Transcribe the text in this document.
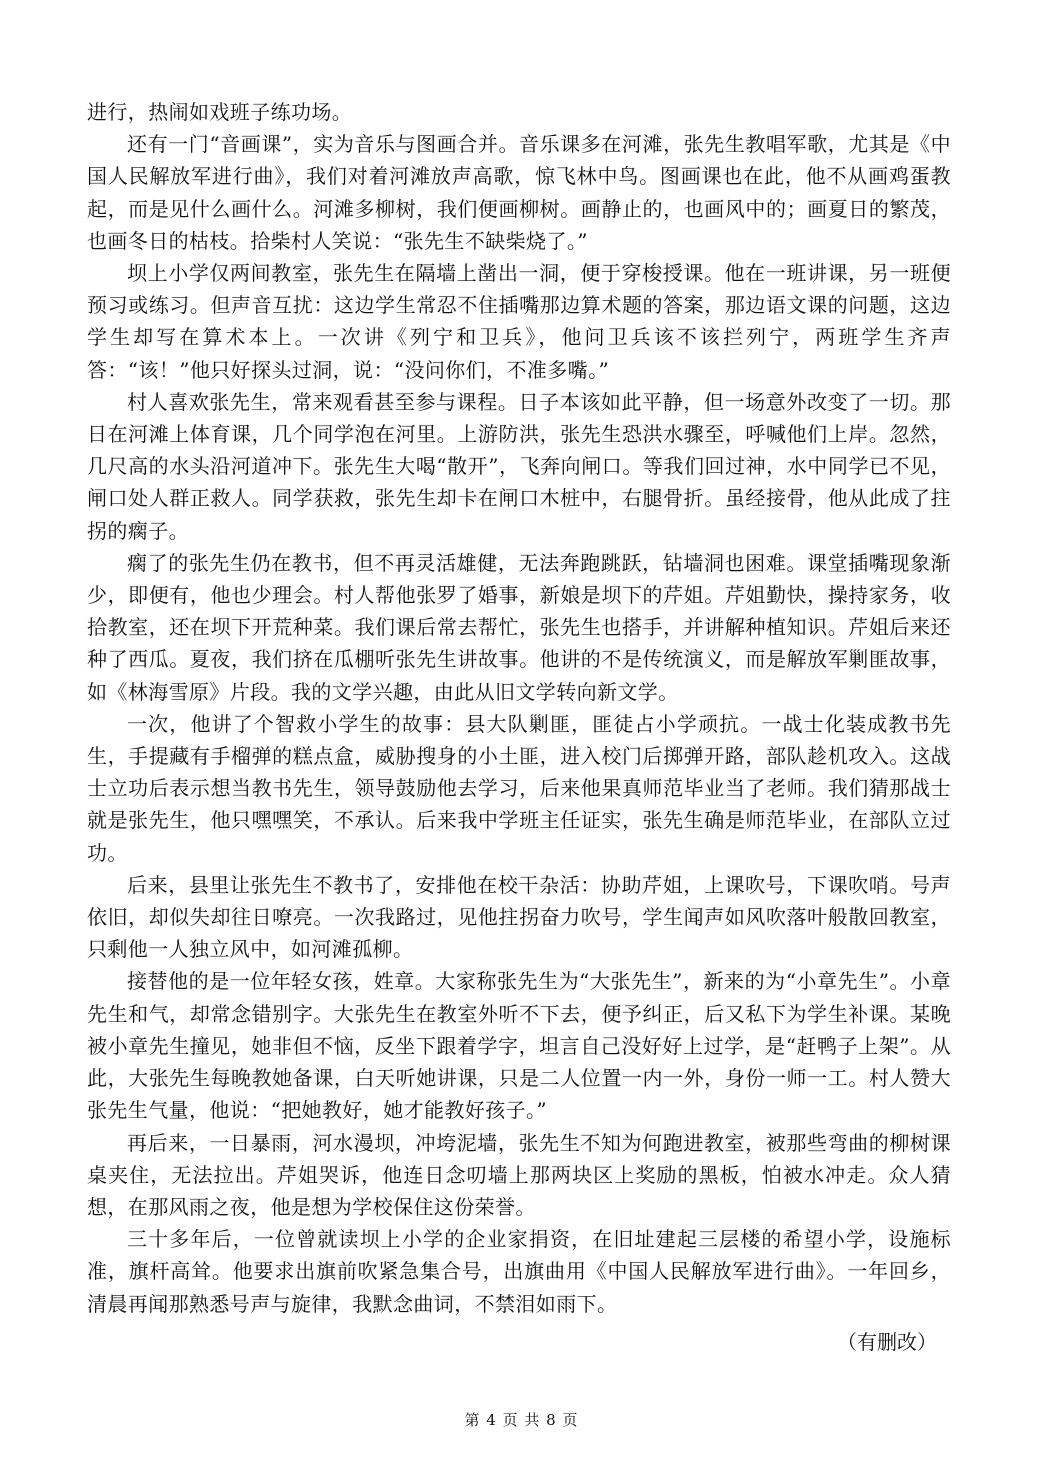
进行，热闹如戏班子练功场。

还有一门“音画课”，实为音乐与图画合并。音乐课多在河滩，张先生教唱军歌，尤其是《中国人民解放军进行曲》，我们对着河滩放声高歌，惊飞林中鸟。图画课也在此，他不从画鸡蛋教起，而是见什么画什么。河滩多柳树，我们便画柳树。画静止的，也画风中的；画夏日的繁茂，也画冬日的枯枝。拾柴村人笑说：“张先生不缺柴烧了。”

坝上小学仅两间教室，张先生在隔墙上凿出一洞，便于穿梭授课。他在一班讲课，另一班便预习或练习。但声音互扰：这边学生常忍不住插嘴那边算术题的答案，那边语文课的问题，这边学生却写在算术本上。一次讲《列宁和卫兵》，他问卫兵该不该拦列宁，两班学生齐声答：“该！”他只好探头过洞，说：“没问你们，不准多嘴。”

村人喜欢张先生，常来观看甚至参与课程。日子本该如此平静，但一场意外改变了一切。那日在河滩上体育课，几个同学泡在河里。上游防洪，张先生恐洪水骤至，呼喊他们上岸。忽然，几尺高的水头沿河道冲下。张先生大喝“散开”，飞奔向闸口。等我们回过神，水中同学已不见，闸口处人群正救人。同学获救，张先生却卡在闸口木桩中，右腿骨折。虽经接骨，他从此成了拄拐的瘸子。

瘸了的张先生仍在教书，但不再灵活雄健，无法奔跑跳跃，钻墙洞也困难。课堂插嘴现象渐少，即便有，他也少理会。村人帮他张罗了婚事，新娘是坝下的芹姐。芹姐勤快，操持家务，收拾教室，还在坝下开荒种菜。我们课后常去帮忙，张先生也搭手，并讲解种植知识。芹姐后来还种了西瓜。夏夜，我们挤在瓜棚听张先生讲故事。他讲的不是传统演义，而是解放军剿匪故事，如《林海雪原》片段。我的文学兴趣，由此从旧文学转向新文学。

一次，他讲了个智救小学生的故事：县大队剿匪，匪徒占小学顽抗。一战士化装成教书先生，手提藏有手榴弹的糕点盒，威胁搜身的小土匪，进入校门后掷弹开路，部队趁机攻入。这战士立功后表示想当教书先生，领导鼓励他去学习，后来他果真师范毕业当了老师。我们猜那战士就是张先生，他只嘿嘿笑，不承认。后来我中学班主任证实，张先生确是师范毕业，在部队立过功。

后来，县里让张先生不教书了，安排他在校干杂活：协助芹姐，上课吹号，下课吹哨。号声依旧，却似失却往日嘹亮。一次我路过，见他拄拐奋力吹号，学生闻声如风吹落叶般散回教室，只剩他一人独立风中，如河滩孤柳。

接替他的是一位年轻女孩，姓章。大家称张先生为“大张先生”，新来的为“小章先生”。小章先生和气，却常念错别字。大张先生在教室外听不下去，便予纠正，后又私下为学生补课。某晚被小章先生撞见，她非但不恼，反坐下跟着学字，坦言自己没好好上过学，是“赶鸭子上架”。从此，大张先生每晚教她备课，白天听她讲课，只是二人位置一内一外，身份一师一工。村人赞大张先生气量，他说：“把她教好，她才能教好孩子。”

再后来，一日暴雨，河水漫坝，冲垮泥墙，张先生不知为何跑进教室，被那些弯曲的柳树课桌夹住，无法拉出。芹姐哭诉，他连日念叨墙上那两块区上奖励的黑板，怕被水冲走。众人猜想，在那风雨之夜，他是想为学校保住这份荣誉。

三十多年后，一位曾就读坝上小学的企业家捐资，在旧址建起三层楼的希望小学，设施标准，旗杆高耸。他要求出旗前吹紧急集合号，出旗曲用《中国人民解放军进行曲》。一年回乡，清晨再闻那熟悉号声与旋律，我默念曲词，不禁泪如雨下。

（有删改）

第 4 页 共 8 页
